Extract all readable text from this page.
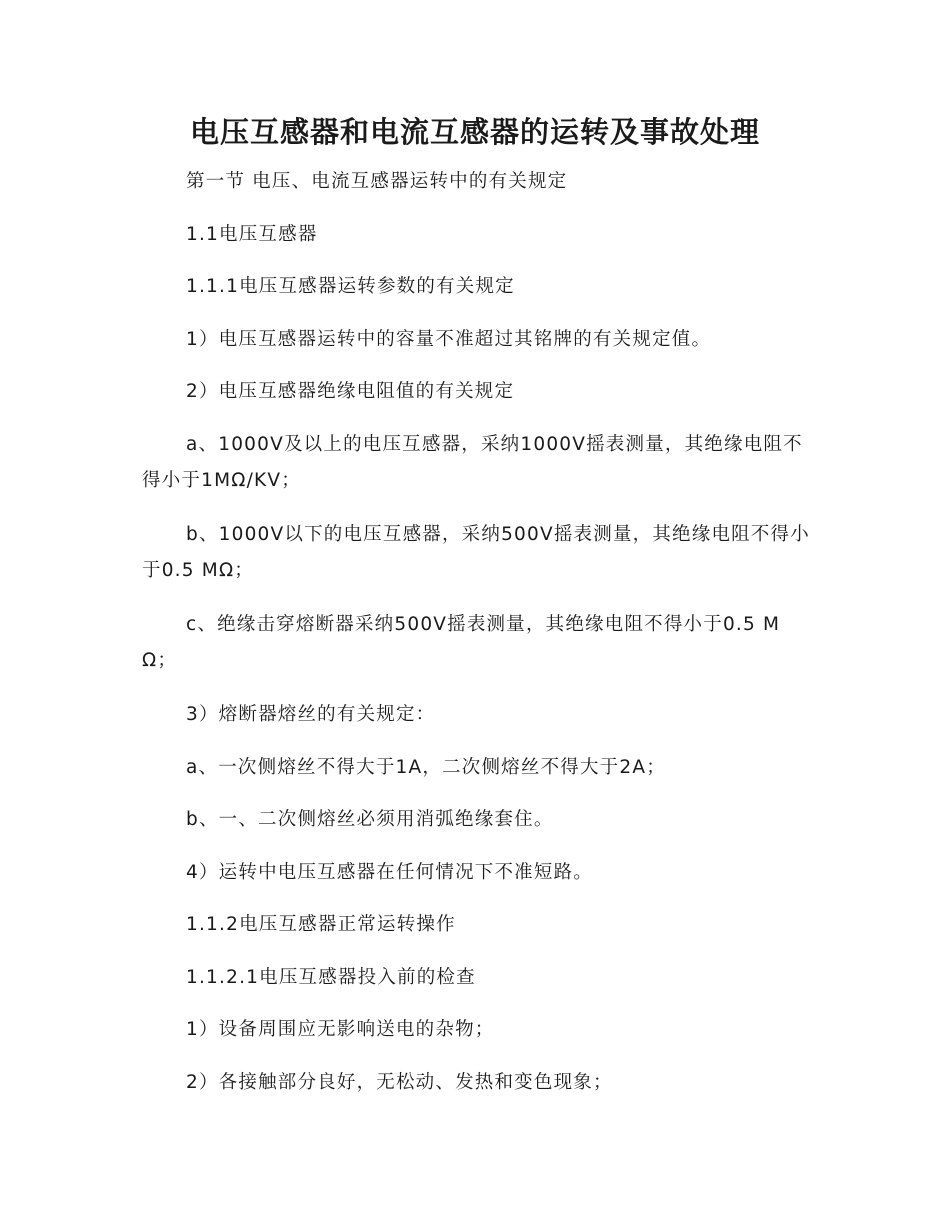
电压互感器和电流互感器的运转及事故处理
第一节 电压、电流互感器运转中的有关规定
1.1电压互感器
1.1.1电压互感器运转参数的有关规定
1）电压互感器运转中的容量不准超过其铭牌的有关规定值。
2）电压互感器绝缘电阻值的有关规定
a、1000V及以上的电压互感器，采纳1000V摇表测量，其绝缘电阻不得小于1MΩ/KV；
b、1000V以下的电压互感器，采纳500V摇表测量，其绝缘电阻不得小于0.5 MΩ；
c、绝缘击穿熔断器采纳500V摇表测量，其绝缘电阻不得小于0.5 MΩ；
3）熔断器熔丝的有关规定：
a、一次侧熔丝不得大于1A，二次侧熔丝不得大于2A；
b、一、二次侧熔丝必须用消弧绝缘套住。
4）运转中电压互感器在任何情况下不准短路。
1.1.2电压互感器正常运转操作
1.1.2.1电压互感器投入前的检查
1）设备周围应无影响送电的杂物；
2）各接触部分良好，无松动、发热和变色现象；
